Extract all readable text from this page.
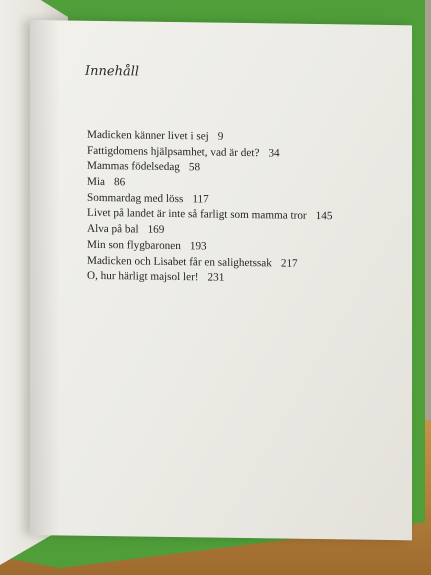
Innehåll
Madicken känner livet i sej 9
Fattigdomens hjälpsamhet, vad är det? 34
Mammas födelsedag 58
Mia 86
Sommardag med löss 117
Livet på landet är inte så farligt som mamma tror 145
Alva på bal 169
Min son flygbaronen 193
Madicken och Lisabet får en salighetssak 217
O, hur härligt majsol ler! 231
